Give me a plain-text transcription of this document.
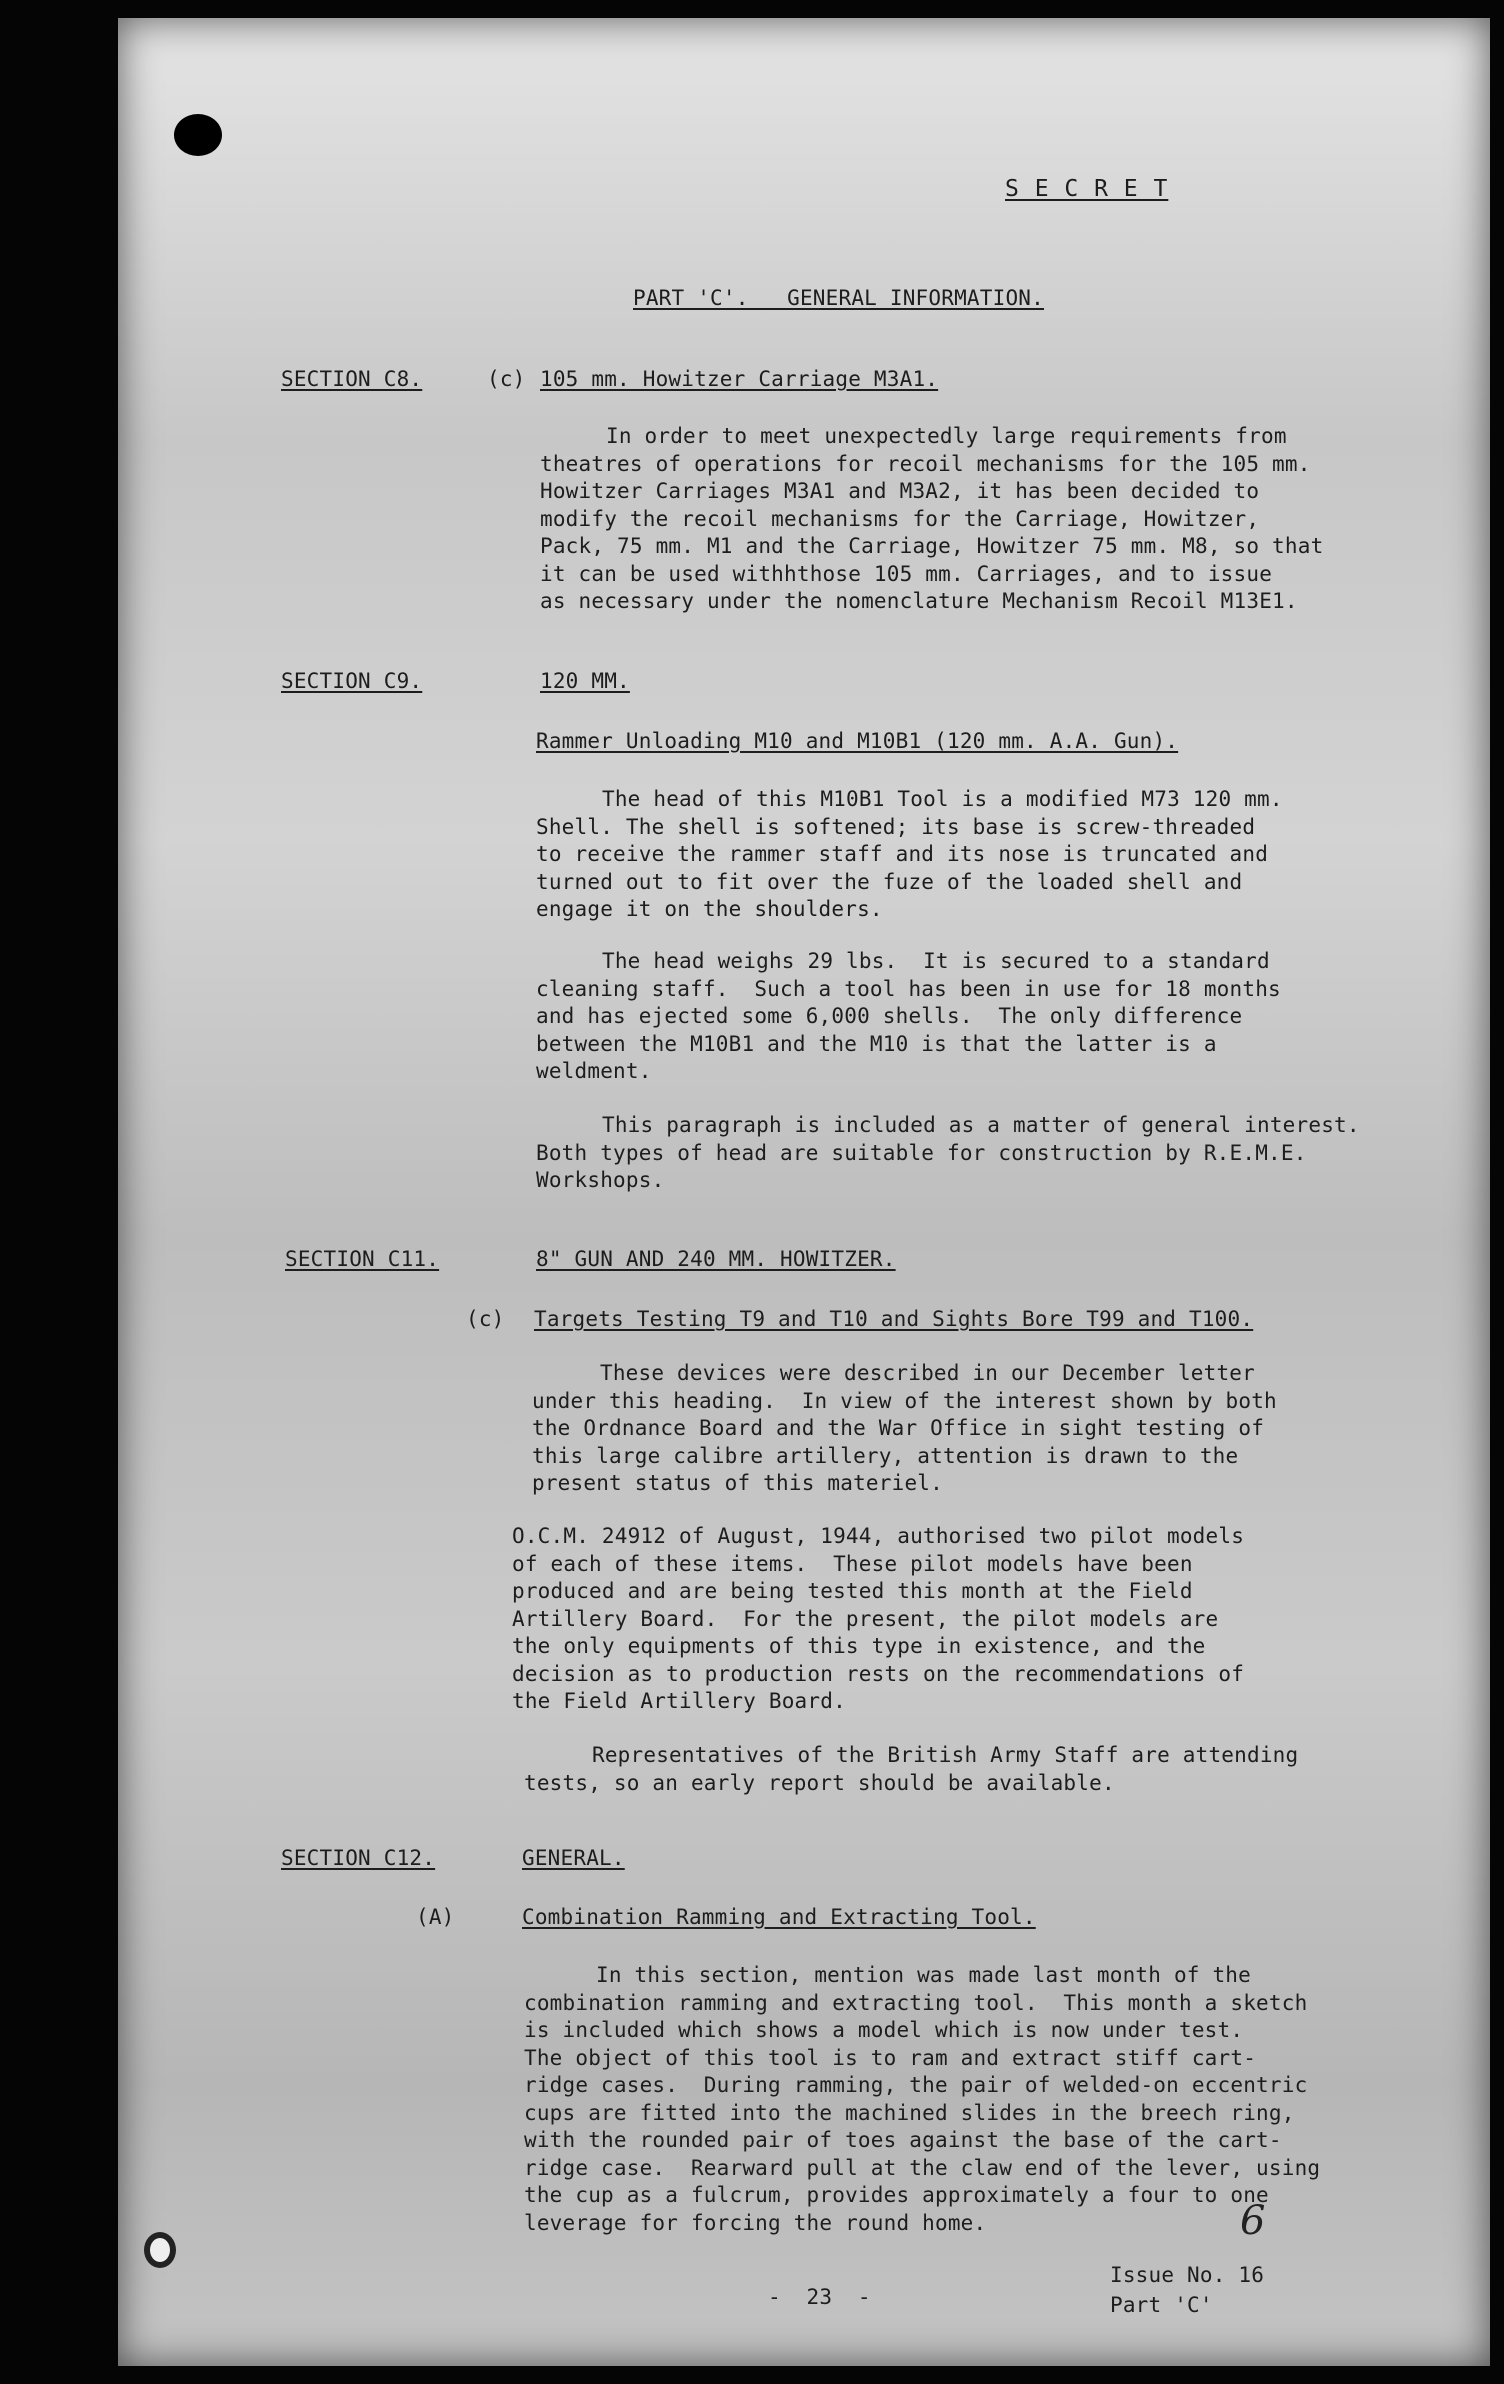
S E C R E T
PART 'C'.   GENERAL INFORMATION.
SECTION C8.	(c) 105 mm. Howitzer Carriage M3A1.
In order to meet unexpectedly large requirements from
theatres of operations for recoil mechanisms for the 105 mm.
Howitzer Carriages M3A1 and M3A2, it has been decided to
modify the recoil mechanisms for the Carriage, Howitzer,
Pack, 75 mm. M1 and the Carriage, Howitzer 75 mm. M8, so that
it can be used withhthose 105 mm. Carriages, and to issue
as necessary under the nomenclature Mechanism Recoil M13E1.
SECTION C9.	120 MM.
Rammer Unloading M10 and M10B1 (120 mm. A.A. Gun).
The head of this M10B1 Tool is a modified M73 120 mm.
Shell. The shell is softened; its base is screw-threaded
to receive the rammer staff and its nose is truncated and
turned out to fit over the fuze of the loaded shell and
engage it on the shoulders.
The head weighs 29 lbs.  It is secured to a standard
cleaning staff.  Such a tool has been in use for 18 months
and has ejected some 6,000 shells.  The only difference
between the M10B1 and the M10 is that the latter is a
weldment.
This paragraph is included as a matter of general interest.
Both types of head are suitable for construction by R.E.M.E.
Workshops.
SECTION C11.	8" GUN AND 240 MM. HOWITZER.
(c) Targets Testing T9 and T10 and Sights Bore T99 and T100.
These devices were described in our December letter
under this heading.  In view of the interest shown by both
the Ordnance Board and the War Office in sight testing of
this large calibre artillery, attention is drawn to the
present status of this materiel.
O.C.M. 24912 of August, 1944, authorised two pilot models
of each of these items.  These pilot models have been
produced and are being tested this month at the Field
Artillery Board.  For the present, the pilot models are
the only equipments of this type in existence, and the
decision as to production rests on the recommendations of
the Field Artillery Board.
Representatives of the British Army Staff are attending
tests, so an early report should be available.
SECTION C12.	GENERAL.
(A)	Combination Ramming and Extracting Tool.
In this section, mention was made last month of the
combination ramming and extracting tool.  This month a sketch
is included which shows a model which is now under test.
The object of this tool is to ram and extract stiff cart-
ridge cases.  During ramming, the pair of welded-on eccentric
cups are fitted into the machined slides in the breech ring,
with the rounded pair of toes against the base of the cart-
ridge case.  Rearward pull at the claw end of the lever, using
the cup as a fulcrum, provides approximately a four to one
leverage for forcing the round home.	6
-  23  -
Issue No. 16
Part 'C'
